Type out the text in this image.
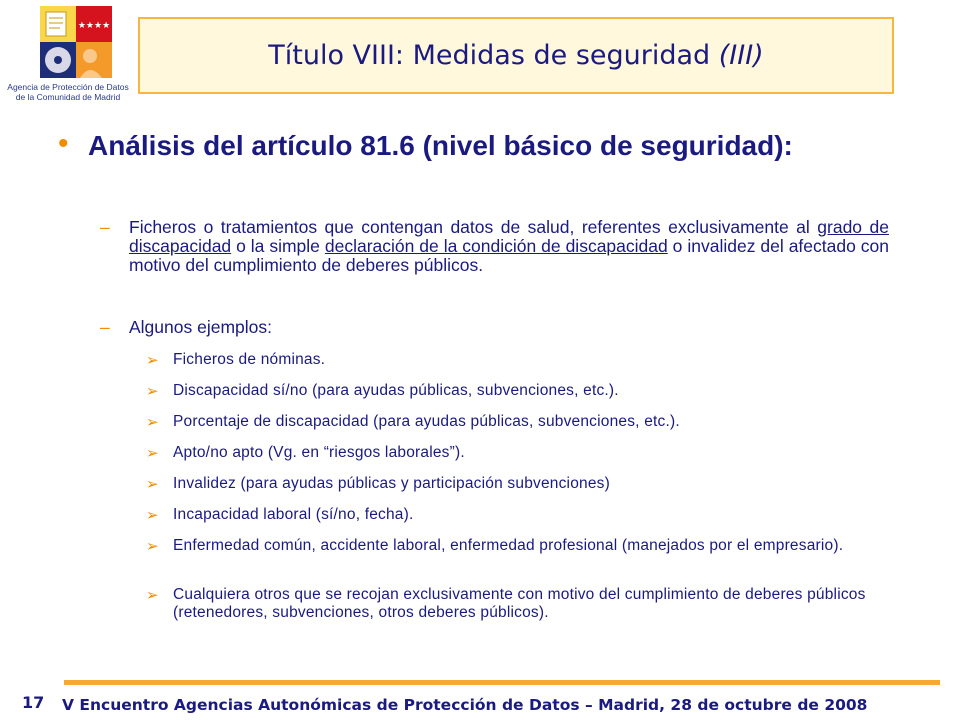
★★★★
Agencia de Protección de Datos
de la Comunidad de Madrid
Título VIII: Medidas de seguridad (III)
• Análisis del artículo 81.6 (nivel básico de seguridad):
– Ficheros o tratamientos que contengan datos de salud, referentes exclusivamente al grado de discapacidad o la simple declaración de la condición de discapacidad o invalidez del afectado con motivo del cumplimiento de deberes públicos.
– Algunos ejemplos:
➢ Ficheros de nóminas.
➢ Discapacidad sí/no (para ayudas públicas, subvenciones, etc.).
➢ Porcentaje de discapacidad (para ayudas públicas, subvenciones, etc.).
➢ Apto/no apto (Vg. en “riesgos laborales”).
➢ Invalidez (para ayudas públicas y participación subvenciones)
➢ Incapacidad laboral (sí/no, fecha).
➢ Enfermedad común, accidente laboral, enfermedad profesional (manejados por el empresario).
➢ Cualquiera otros que se recojan exclusivamente con motivo del cumplimiento de deberes públicos (retenedores, subvenciones, otros deberes públicos).
17 V Encuentro Agencias Autonómicas de Protección de Datos – Madrid, 28 de octubre de 2008
